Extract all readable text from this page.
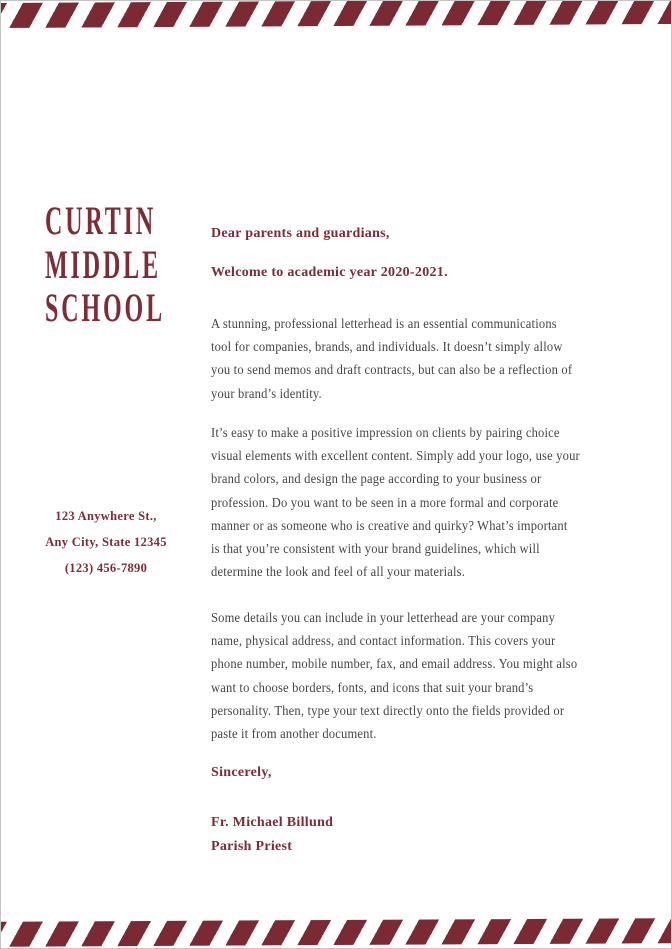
CURTIN
MIDDLE
SCHOOL
123 Anywhere St.,
Any City, State 12345
(123) 456-7890
Dear parents and guardians,
Welcome to academic year 2020-2021.

A stunning, professional letterhead is an essential communications
tool for companies, brands, and individuals. It doesn’t simply allow
you to send memos and draft contracts, but can also be a reflection of
your brand’s identity.

It’s easy to make a positive impression on clients by pairing choice
visual elements with excellent content. Simply add your logo, use your
brand colors, and design the page according to your business or
profession. Do you want to be seen in a more formal and corporate
manner or as someone who is creative and quirky? What’s important
is that you’re consistent with your brand guidelines, which will
determine the look and feel of all your materials.

Some details you can include in your letterhead are your company
name, physical address, and contact information. This covers your
phone number, mobile number, fax, and email address. You might also
want to choose borders, fonts, and icons that suit your brand’s
personality. Then, type your text directly onto the fields provided or
paste it from another document.

Sincerely,
Fr. Michael Billund
Parish Priest
